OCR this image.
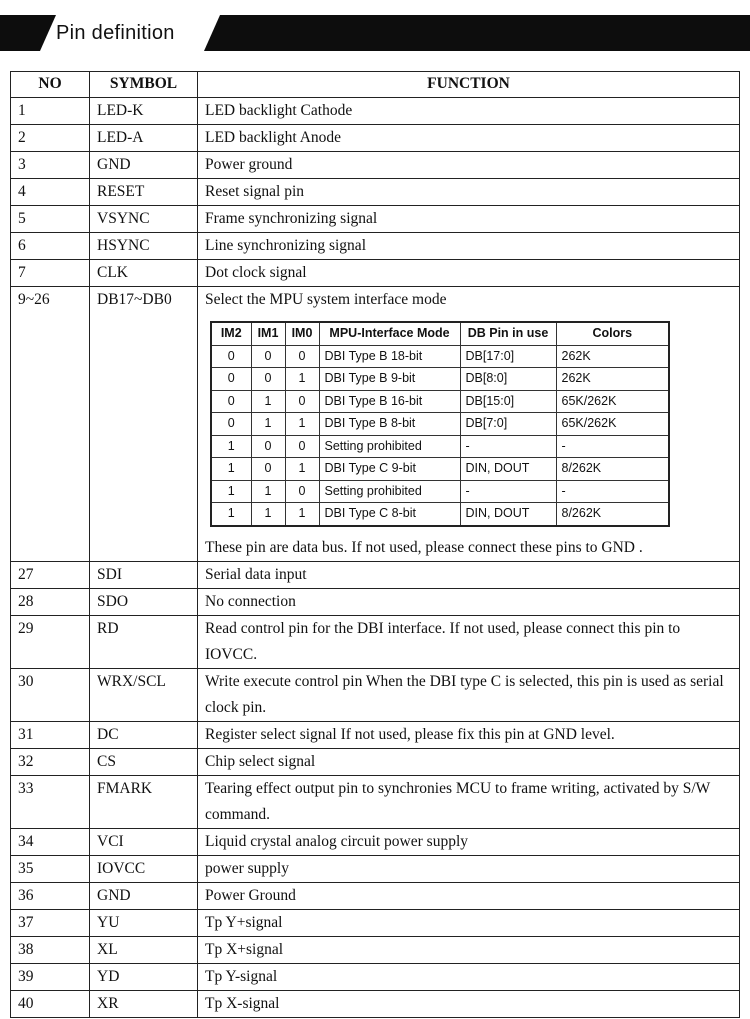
Pin definition
NO	SYMBOL	FUNCTION
1	LED-K	LED backlight Cathode
2	LED-A	LED backlight Anode
3	GND	Power ground
4	RESET	Reset signal pin
5	VSYNC	Frame synchronizing signal
6	HSYNC	Line synchronizing signal
7	CLK	Dot clock signal
9~26	DB17~DB0	Select the MPU system interface mode
IM2	IM1	IM0	MPU-Interface Mode	DB Pin in use	Colors
0	0	0	DBI Type B 18-bit	DB[17:0]	262K
0	0	1	DBI Type B 9-bit	DB[8:0]	262K
0	1	0	DBI Type B 16-bit	DB[15:0]	65K/262K
0	1	1	DBI Type B 8-bit	DB[7:0]	65K/262K
1	0	0	Setting prohibited	-	-
1	0	1	DBI Type C 9-bit	DIN, DOUT	8/262K
1	1	0	Setting prohibited	-	-
1	1	1	DBI Type C 8-bit	DIN, DOUT	8/262K
These pin are data bus. If not used, please connect these pins to GND .

27	SDI	Serial data input
28	SDO	No connection
29	RD	Read control pin for the DBI interface. If not used, please connect this pin to IOVCC.
30	WRX/SCL	Write execute control pin When the DBI type C is selected, this pin is used as serial clock pin.
31	DC	Register select signal If not used, please fix this pin at GND level.
32	CS	Chip select signal
33	FMARK	Tearing effect output pin to synchronies MCU to frame writing, activated by S/W command.
34	VCI	Liquid crystal analog circuit power supply
35	IOVCC	power supply
36	GND	Power Ground
37	YU	Tp Y+signal
38	XL	Tp X+signal
39	YD	Tp Y-signal
40	XR	Tp X-signal
